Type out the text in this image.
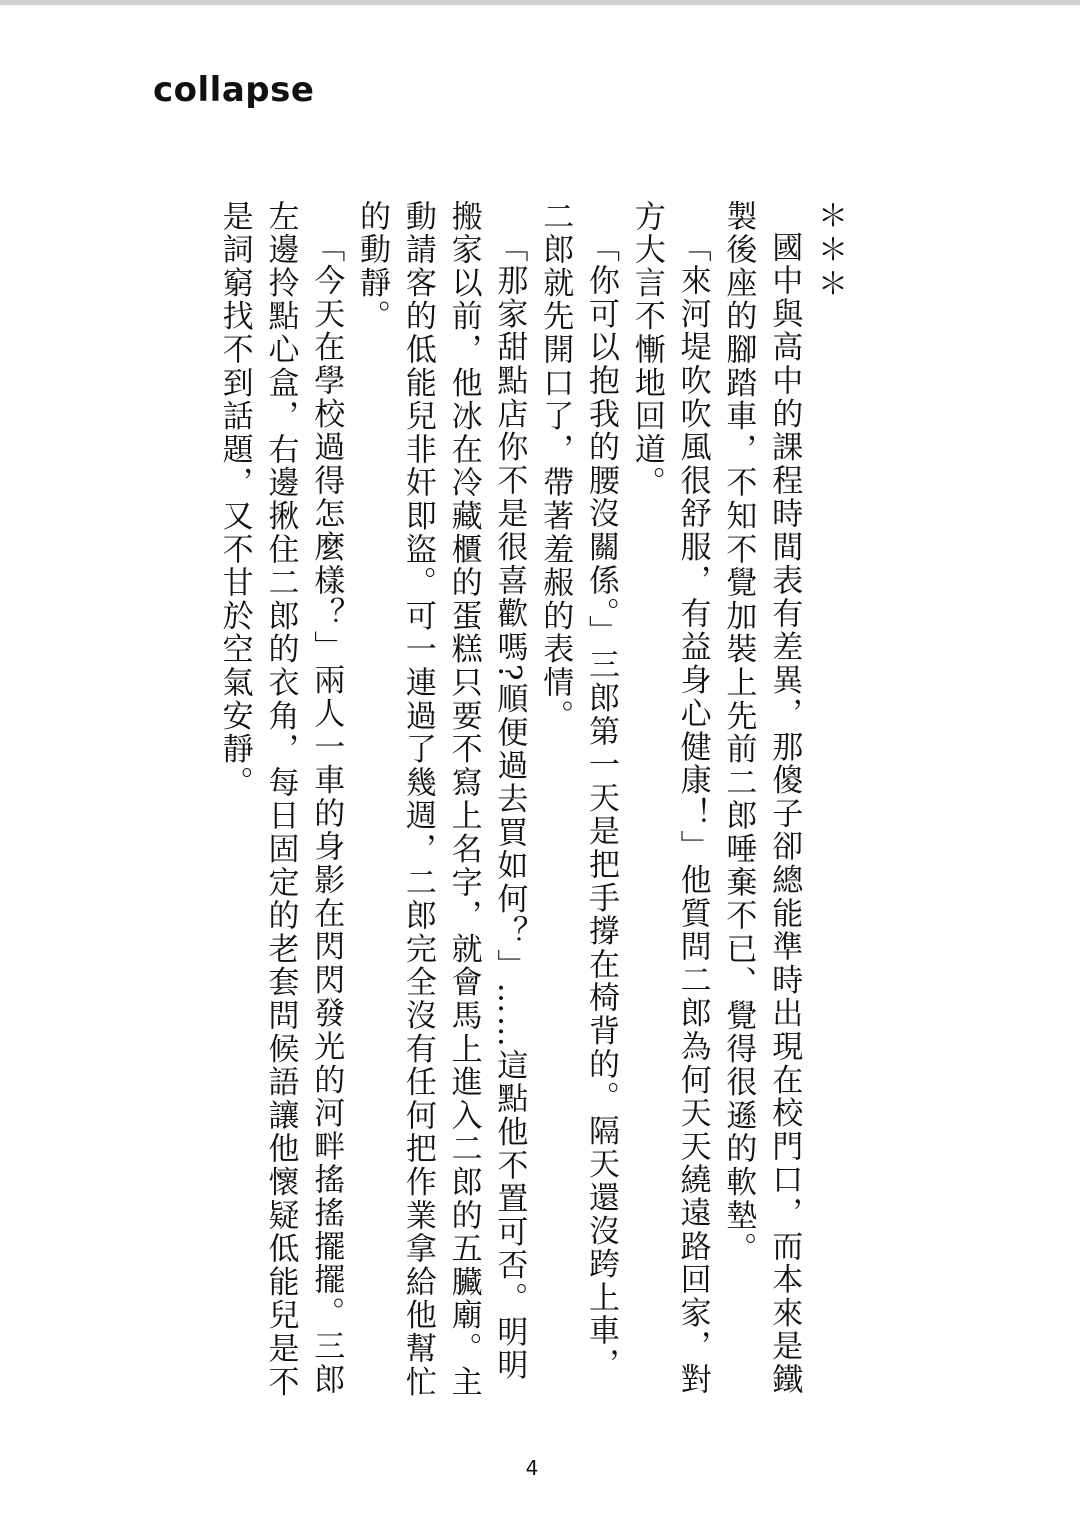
collapse

＊＊＊

國中與高中的課程時間表有差異，那傻子卻總能準時出現在校門口，而本來是鐵製後座的腳踏車，不知不覺加裝上先前二郎唾棄不已、覺得很遜的軟墊。

「來河堤吹吹風很舒服，有益身心健康！」他質問二郎為何天天繞遠路回家，對方大言不慚地回道。

「你可以抱我的腰沒關係。」三郎第一天是把手撐在椅背的。隔天還沒跨上車，二郎就先開口了，帶著羞赧的表情。

「那家甜點店你不是很喜歡嗎?順便過去買如何？」……這點他不置可否。明明搬家以前，他冰在冷藏櫃的蛋糕只要不寫上名字，就會馬上進入二郎的五臟廟。主動請客的低能兒非奸即盜。可一連過了幾週，二郎完全沒有任何把作業拿給他幫忙的動靜。

「今天在學校過得怎麼樣？」兩人一車的身影在閃閃發光的河畔搖搖擺擺。三郎左邊拎點心盒，右邊揪住二郎的衣角，每日固定的老套問候語讓他懷疑低能兒是不是詞窮找不到話題，又不甘於空氣安靜。

4
